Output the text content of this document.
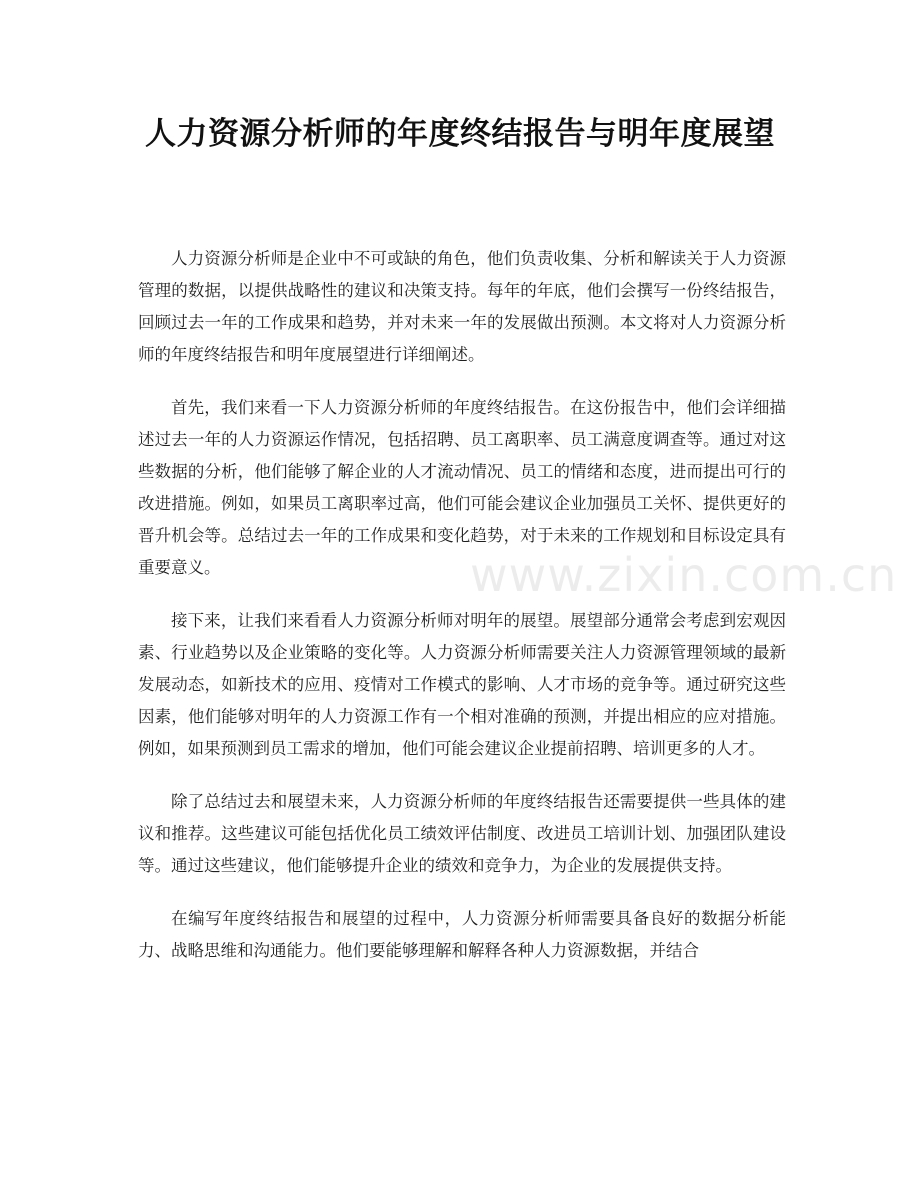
人力资源分析师的年度终结报告与明年度展望

人力资源分析师是企业中不可或缺的角色，他们负责收集、分析和解读关于人力资源管理的数据，以提供战略性的建议和决策支持。每年的年底，他们会撰写一份终结报告，回顾过去一年的工作成果和趋势，并对未来一年的发展做出预测。本文将对人力资源分析师的年度终结报告和明年度展望进行详细阐述。

首先，我们来看一下人力资源分析师的年度终结报告。在这份报告中，他们会详细描述过去一年的人力资源运作情况，包括招聘、员工离职率、员工满意度调查等。通过对这些数据的分析，他们能够了解企业的人才流动情况、员工的情绪和态度，进而提出可行的改进措施。例如，如果员工离职率过高，他们可能会建议企业加强员工关怀、提供更好的晋升机会等。总结过去一年的工作成果和变化趋势，对于未来的工作规划和目标设定具有重要意义。

接下来，让我们来看看人力资源分析师对明年的展望。展望部分通常会考虑到宏观因素、行业趋势以及企业策略的变化等。人力资源分析师需要关注人力资源管理领域的最新发展动态，如新技术的应用、疫情对工作模式的影响、人才市场的竞争等。通过研究这些因素，他们能够对明年的人力资源工作有一个相对准确的预测，并提出相应的应对措施。例如，如果预测到员工需求的增加，他们可能会建议企业提前招聘、培训更多的人才。

除了总结过去和展望未来，人力资源分析师的年度终结报告还需要提供一些具体的建议和推荐。这些建议可能包括优化员工绩效评估制度、改进员工培训计划、加强团队建设等。通过这些建议，他们能够提升企业的绩效和竞争力，为企业的发展提供支持。

在编写年度终结报告和展望的过程中，人力资源分析师需要具备良好的数据分析能力、战略思维和沟通能力。他们要能够理解和解释各种人力资源数据，并结合

www.zixin.com.cn
